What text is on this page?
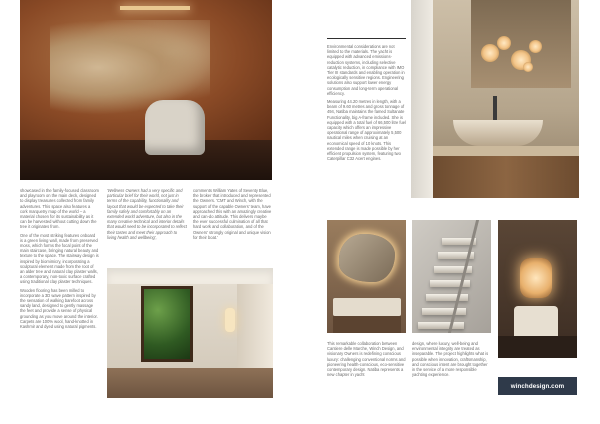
showcased in the family-focused classroom and playroom on the main deck, designed to display treasures collected from family adventures. This space also features a cork marquetry map of the world – a material chosen for its sustainability as it can be harvested without cutting down the tree it originates from.

One of the most striking features onboard is a green living wall, made from preserved moss, which forms the focal point of the main staircase, bringing natural beauty and texture to the space. The stairway design is inspired by biomimicry, incorporating a sculptural element made from the root of an alder tree and natural clay plaster walls, a contemporary, non-toxic surface crafted using traditional clay plaster techniques.

Wooden flooring has been milled to incorporate a 3D wave pattern inspired by the sensation of walking barefoot across sandy land, designed to gently massage the feet and provide a sense of physical grounding as you move around the interior. Carpets are 100% wool, hand-knotted in Kashmir and dyed using natural pigments.

'Wellness Owners had a very specific and particular brief for their world, not just in terms of the capability, functionality and layout that would be expected to take their family safely and comfortably on an extended world adventure, but also in the many creative technical and interior details that would need to be incorporated to reflect their tastes and meet their approach to living health and wellbeing',

comments William Yates of Seventy Blue, the broker that introduced and represented the Owners. 'CMT and Winch, with the support of the capable Owners' team, have approached this with an amazingly creative and can-do attitude. This delivers maybe the ever successful culmination of all that hard work and collaboration, and of the Owners' strongly original and unique vision for their boat.'

Environmental considerations are not limited to the materials. The yacht is equipped with advanced emissions-reduction systems, including selective catalytic reduction, in compliance with IMO Tier III standards and enabling operation in ecologically sensitive regions. Engineering solutions also support lower energy consumption and long-term operational efficiency.

Measuring 44.20 metres in length, with a beam of 9.60 metres and gross tonnage of 494, Natiba maintains the famed Sultanate Functionality, big A-frame included. She is equipped with a total fuel of 66,500 litre fuel capacity which offers an impressive operational range of approximately 5,500 nautical miles when cruising at an economical speed of 10 knots. This extended range is made possible by her efficient propulsion system, featuring two Caterpillar C32 Acert engines.

This remarkable collaboration between Cantiere delle Marche, Winch Design, and visionary Owners is redefining conscious luxury: challenging conventional norms and pioneering health-conscious, eco-sensitive contemporary design. Natiba represents a new chapter in yacht

design, where luxury, well-being and environmental integrity are treated as inseparable. The project highlights what is possible when innovation, craftsmanship, and conscious intent are brought together in the service of a more responsible yachting experience.

winchdesign.com
